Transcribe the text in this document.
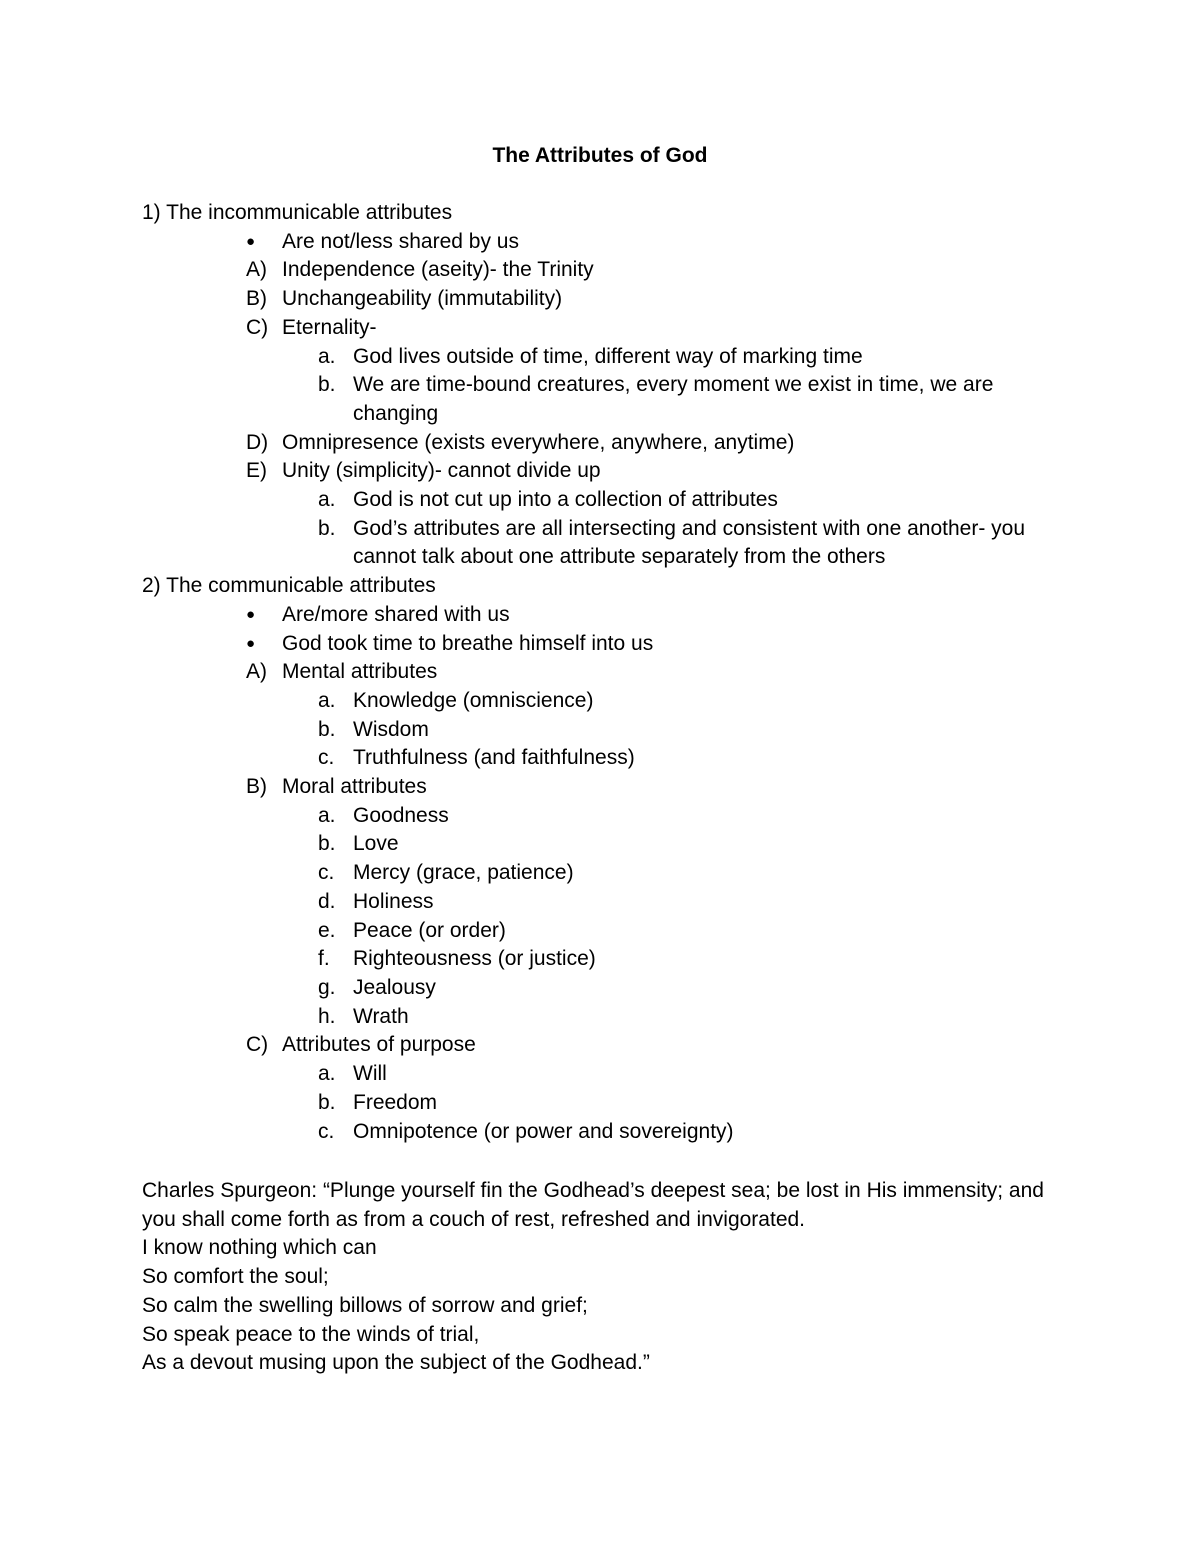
The Attributes of God
1) The incommunicable attributes
● Are not/less shared by us
A) Independence (aseity)- the Trinity
B) Unchangeability (immutability)
C) Eternality-
a. God lives outside of time, different way of marking time
b. We are time-bound creatures, every moment we exist in time, we are
changing
D) Omnipresence (exists everywhere, anywhere, anytime)
E) Unity (simplicity)- cannot divide up
a. God is not cut up into a collection of attributes
b. God’s attributes are all intersecting and consistent with one another- you
cannot talk about one attribute separately from the others
2) The communicable attributes
● Are/more shared with us
● God took time to breathe himself into us
A) Mental attributes
a. Knowledge (omniscience)
b. Wisdom
c. Truthfulness (and faithfulness)
B) Moral attributes
a. Goodness
b. Love
c. Mercy (grace, patience)
d. Holiness
e. Peace (or order)
f. Righteousness (or justice)
g. Jealousy
h. Wrath
C) Attributes of purpose
a. Will
b. Freedom
c. Omnipotence (or power and sovereignty)
Charles Spurgeon: “Plunge yourself fin the Godhead’s deepest sea; be lost in His immensity; and
you shall come forth as from a couch of rest, refreshed and invigorated.
I know nothing which can
So comfort the soul;
So calm the swelling billows of sorrow and grief;
So speak peace to the winds of trial,
As a devout musing upon the subject of the Godhead.”
